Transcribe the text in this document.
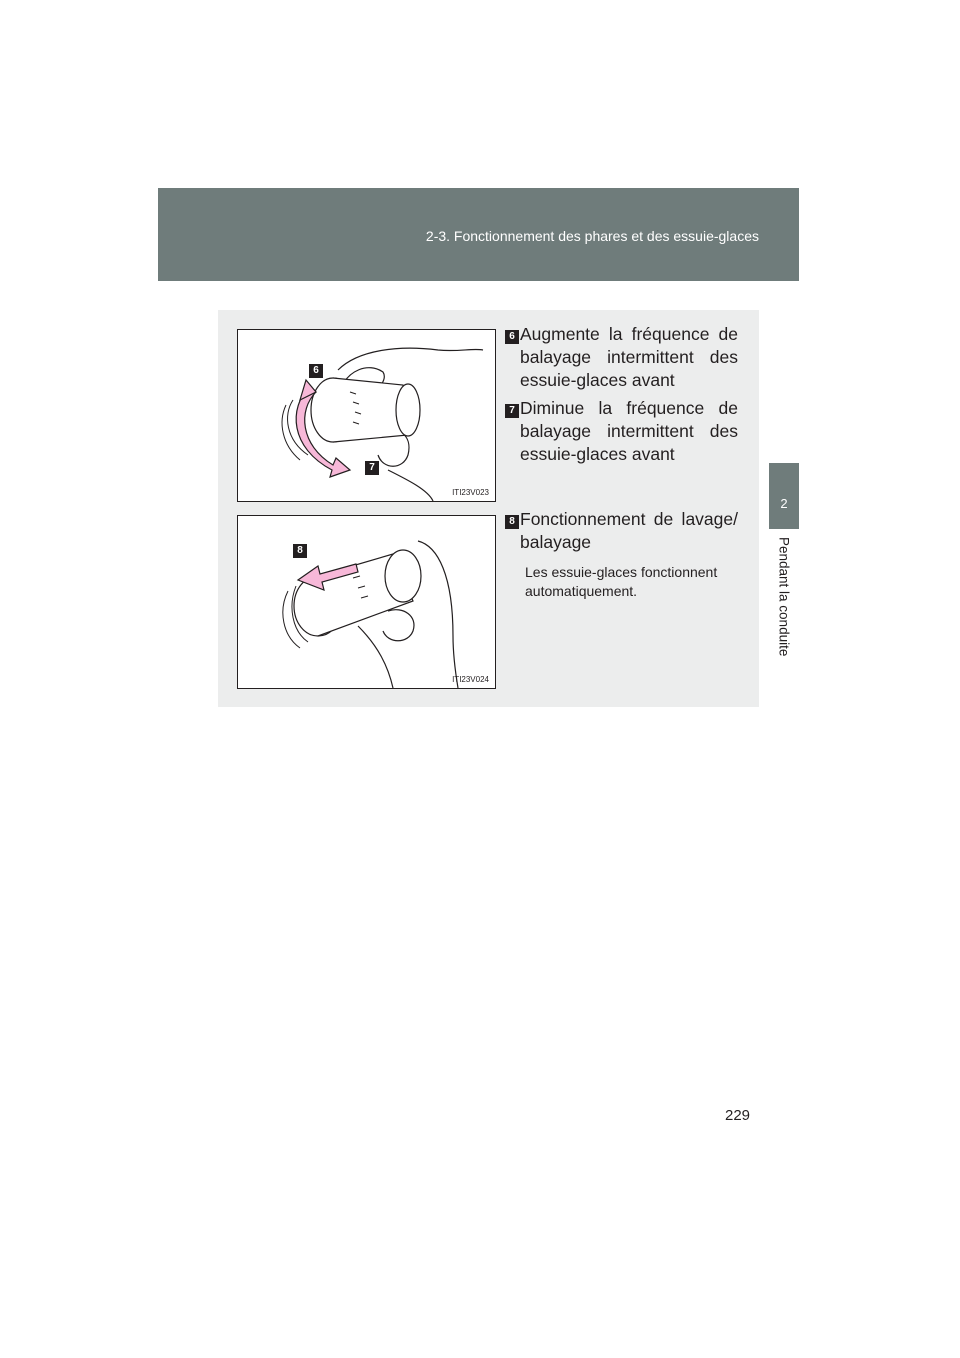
2-3. Fonctionnement des phares et des essuie-glaces
2
Pendant la conduite
6
7
ITI23V023
8
ITI23V024
6 Augmente la fréquence de balayage intermittent des essuie-glaces avant

7 Diminue la fréquence de balayage intermittent des essuie-glaces avant

8 Fonctionnement de lavage/ balayage

Les essuie-glaces fonctionnent automatiquement.

229
